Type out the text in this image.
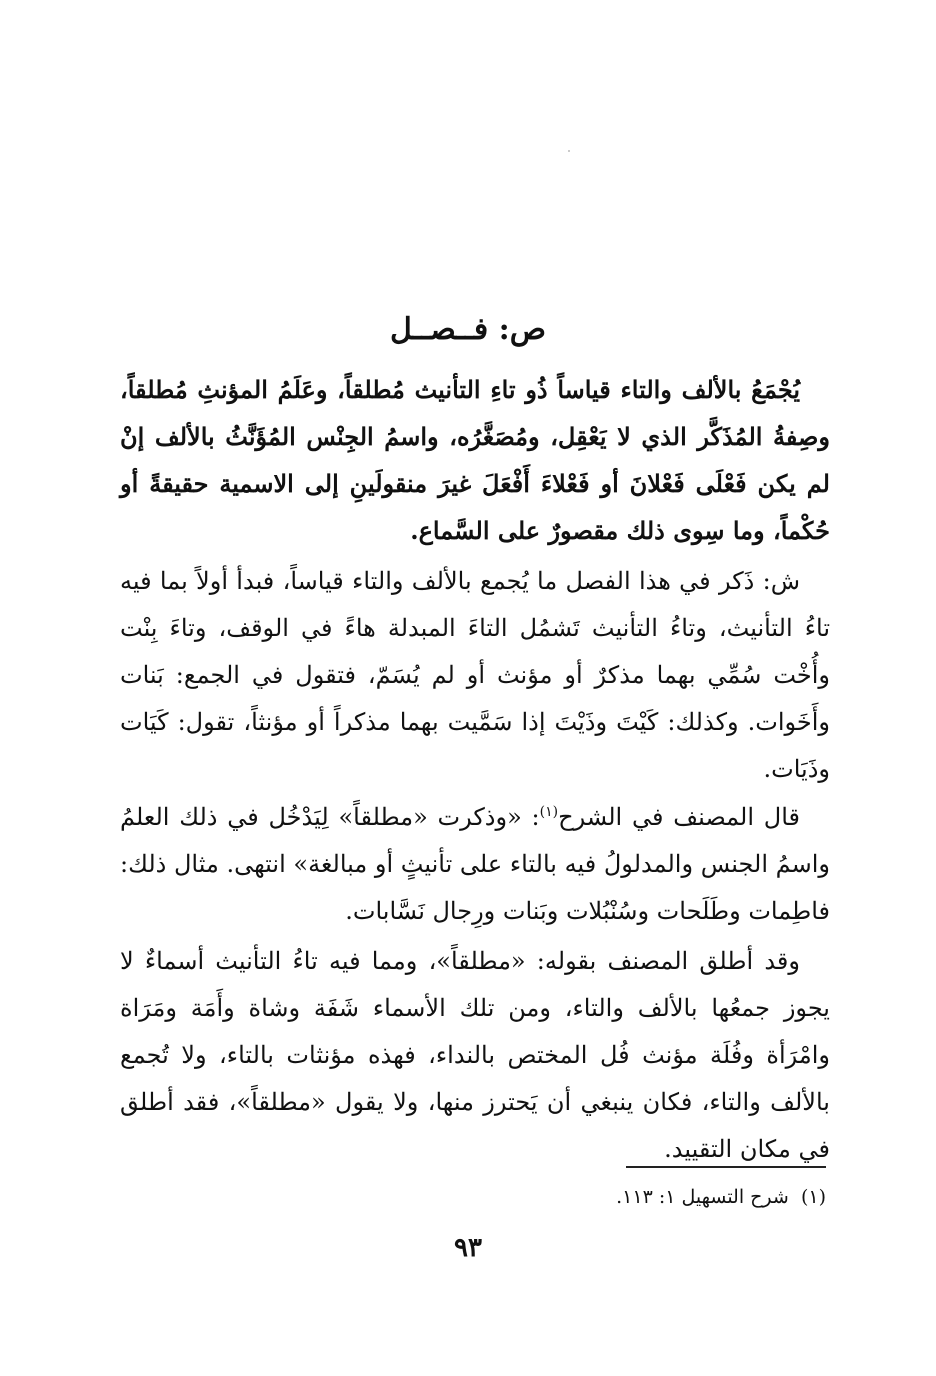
ص: فــصــل

يُجْمَعُ بالألف والتاء قياساً ذُو تاءِ التأنيث مُطلقاً، وعَلَمُ المؤنثِ مُطلقاً، وصِفةُ المُذَكَّر الذي لا يَعْقِل، ومُصَغَّرُه، واسمُ الجِنْس المُؤَنَّثُ بالألف إنْ لم يكن فَعْلَى فَعْلانَ أو فَعْلاءَ أَفْعَلَ غيرَ منقولَينِ إلى الاسمية حقيقةً أو حُكْماً، وما سِوى ذلك مقصورٌ على السَّماع.

ش: ذَكر في هذا الفصل ما يُجمع بالألف والتاء قياساً، فبدأ أولاً بما فيه تاءُ التأنيث، وتاءُ التأنيث تَشمُل التاءَ المبدلة هاءً في الوقف، وتاءَ بِنْت وأُخْت سُمِّي بهما مذكرٌ أو مؤنث أو لم يُسَمّ، فتقول في الجمع: بَنات وأَخَوات. وكذلك: كَيْتَ وذَيْتَ إذا سَمَّيت بهما مذكراً أو مؤنثاً، تقول: كَيَات وذَيَات.

قال المصنف في الشرح$^{(١)}$: «وذكرت «مطلقاً» لِيَدْخُل في ذلك العلمُ واسمُ الجنس والمدلولُ فيه بالتاء على تأنيثٍ أو مبالغة» انتهى. مثال ذلك: فاطِمات وطَلَحات وسُنْبُلات وبَنات ورِجال نَسَّابات.

وقد أطلق المصنف بقوله: «مطلقاً»، ومما فيه تاءُ التأنيث أسماءٌ لا يجوز جمعُها بالألف والتاء، ومن تلك الأسماء شَفَة وشاة وأَمَة ومَرَاة وامْرَأة وفُلَة مؤنث فُل المختص بالنداء، فهذه مؤنثات بالتاء، ولا تُجمع بالألف والتاء، فكان ينبغي أن يَحترز منها، ولا يقول «مطلقاً»، فقد أطلق في مكان التقييد.

(١)  شرح التسهيل ١: ١١٣.
٩٣
